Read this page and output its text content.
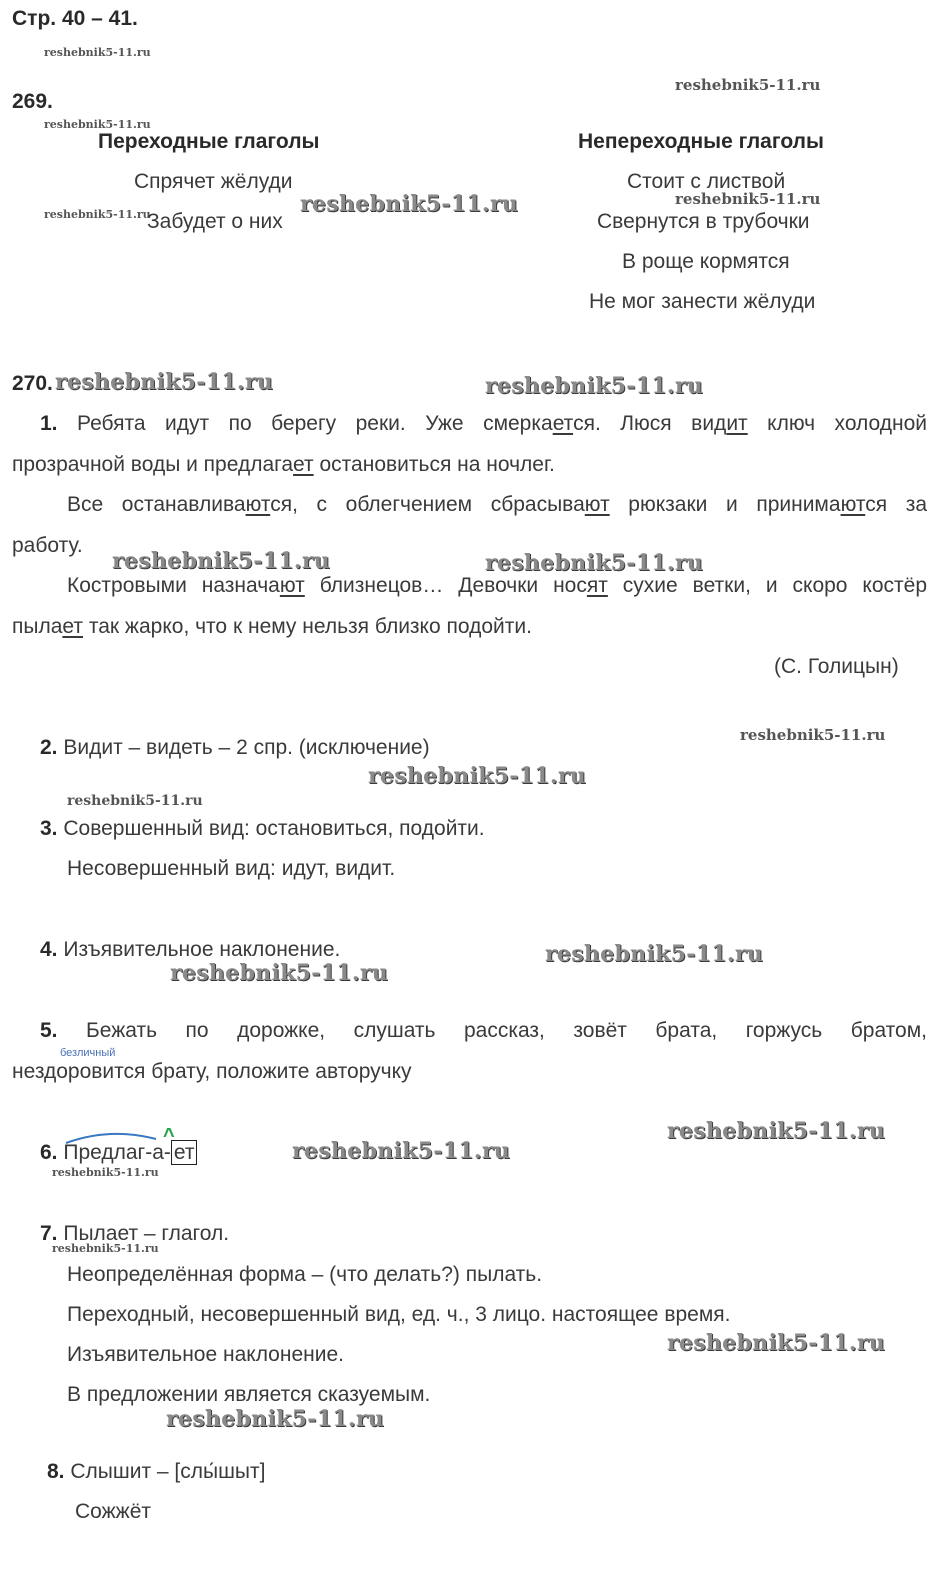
Стр. 40 – 41.
reshebnik5-11.ru
reshebnik5-11.ru
reshebnik5-11.ru
reshebnik5-11.ru
reshebnik5-11.ru
reshebnik5-11.ru
reshebnik5-11.ru
reshebnik5-11.ru
reshebnik5-11.ru
reshebnik5-11.ru
reshebnik5-11.ru	reshebnik5-11.ru
reshebnik5-11.ru	reshebnik5-11.ru
reshebnik5-11.ru
reshebnik5-11.ru
reshebnik5-11.ru
reshebnik5-11.ru
reshebnik5-11.ru
reshebnik5-11.ru
reshebnik5-11.ru
269.
Переходные глаголы
Спрячет жёлуди
Забудет о них
Непереходные глаголы
Стоит с листвой
Свернутся в трубочки
В роще кормятся
Не мог занести жёлуди
270.
1. Ребята идут по берегу реки. Уже смеркается. Люся видит ключ холодной
прозрачной воды и предлагает остановиться на ночлег.
Все останавливаются, с облегчением сбрасывают рюкзаки и принимаются за
работу.
Костровыми назначают близнецов… Девочки носят сухие ветки, и скоро костёр
пылает так жарко, что к нему нельзя близко подойти.
(С. Голицын)
2. Видит – видеть – 2 спр. (исключение)
3. Совершенный вид: остановиться, подойти.
Несовершенный вид: идут, видит.
4. Изъявительное наклонение.
5. Бежать по дорожке, слушать рассказ, зовёт брата, горжусь братом,
безличный
нездоровится брату, положите авторучку
^
6. Предлаг-а- ет
7. Пылает – глагол.
Неопределённая форма – (что делать?) пылать.
Переходный, несовершенный вид, ед. ч., 3 лицо. настоящее время.
Изъявительное наклонение.
В предложении является сказуемым.
8. Слышит – [слы́шыт]
Сожжёт
